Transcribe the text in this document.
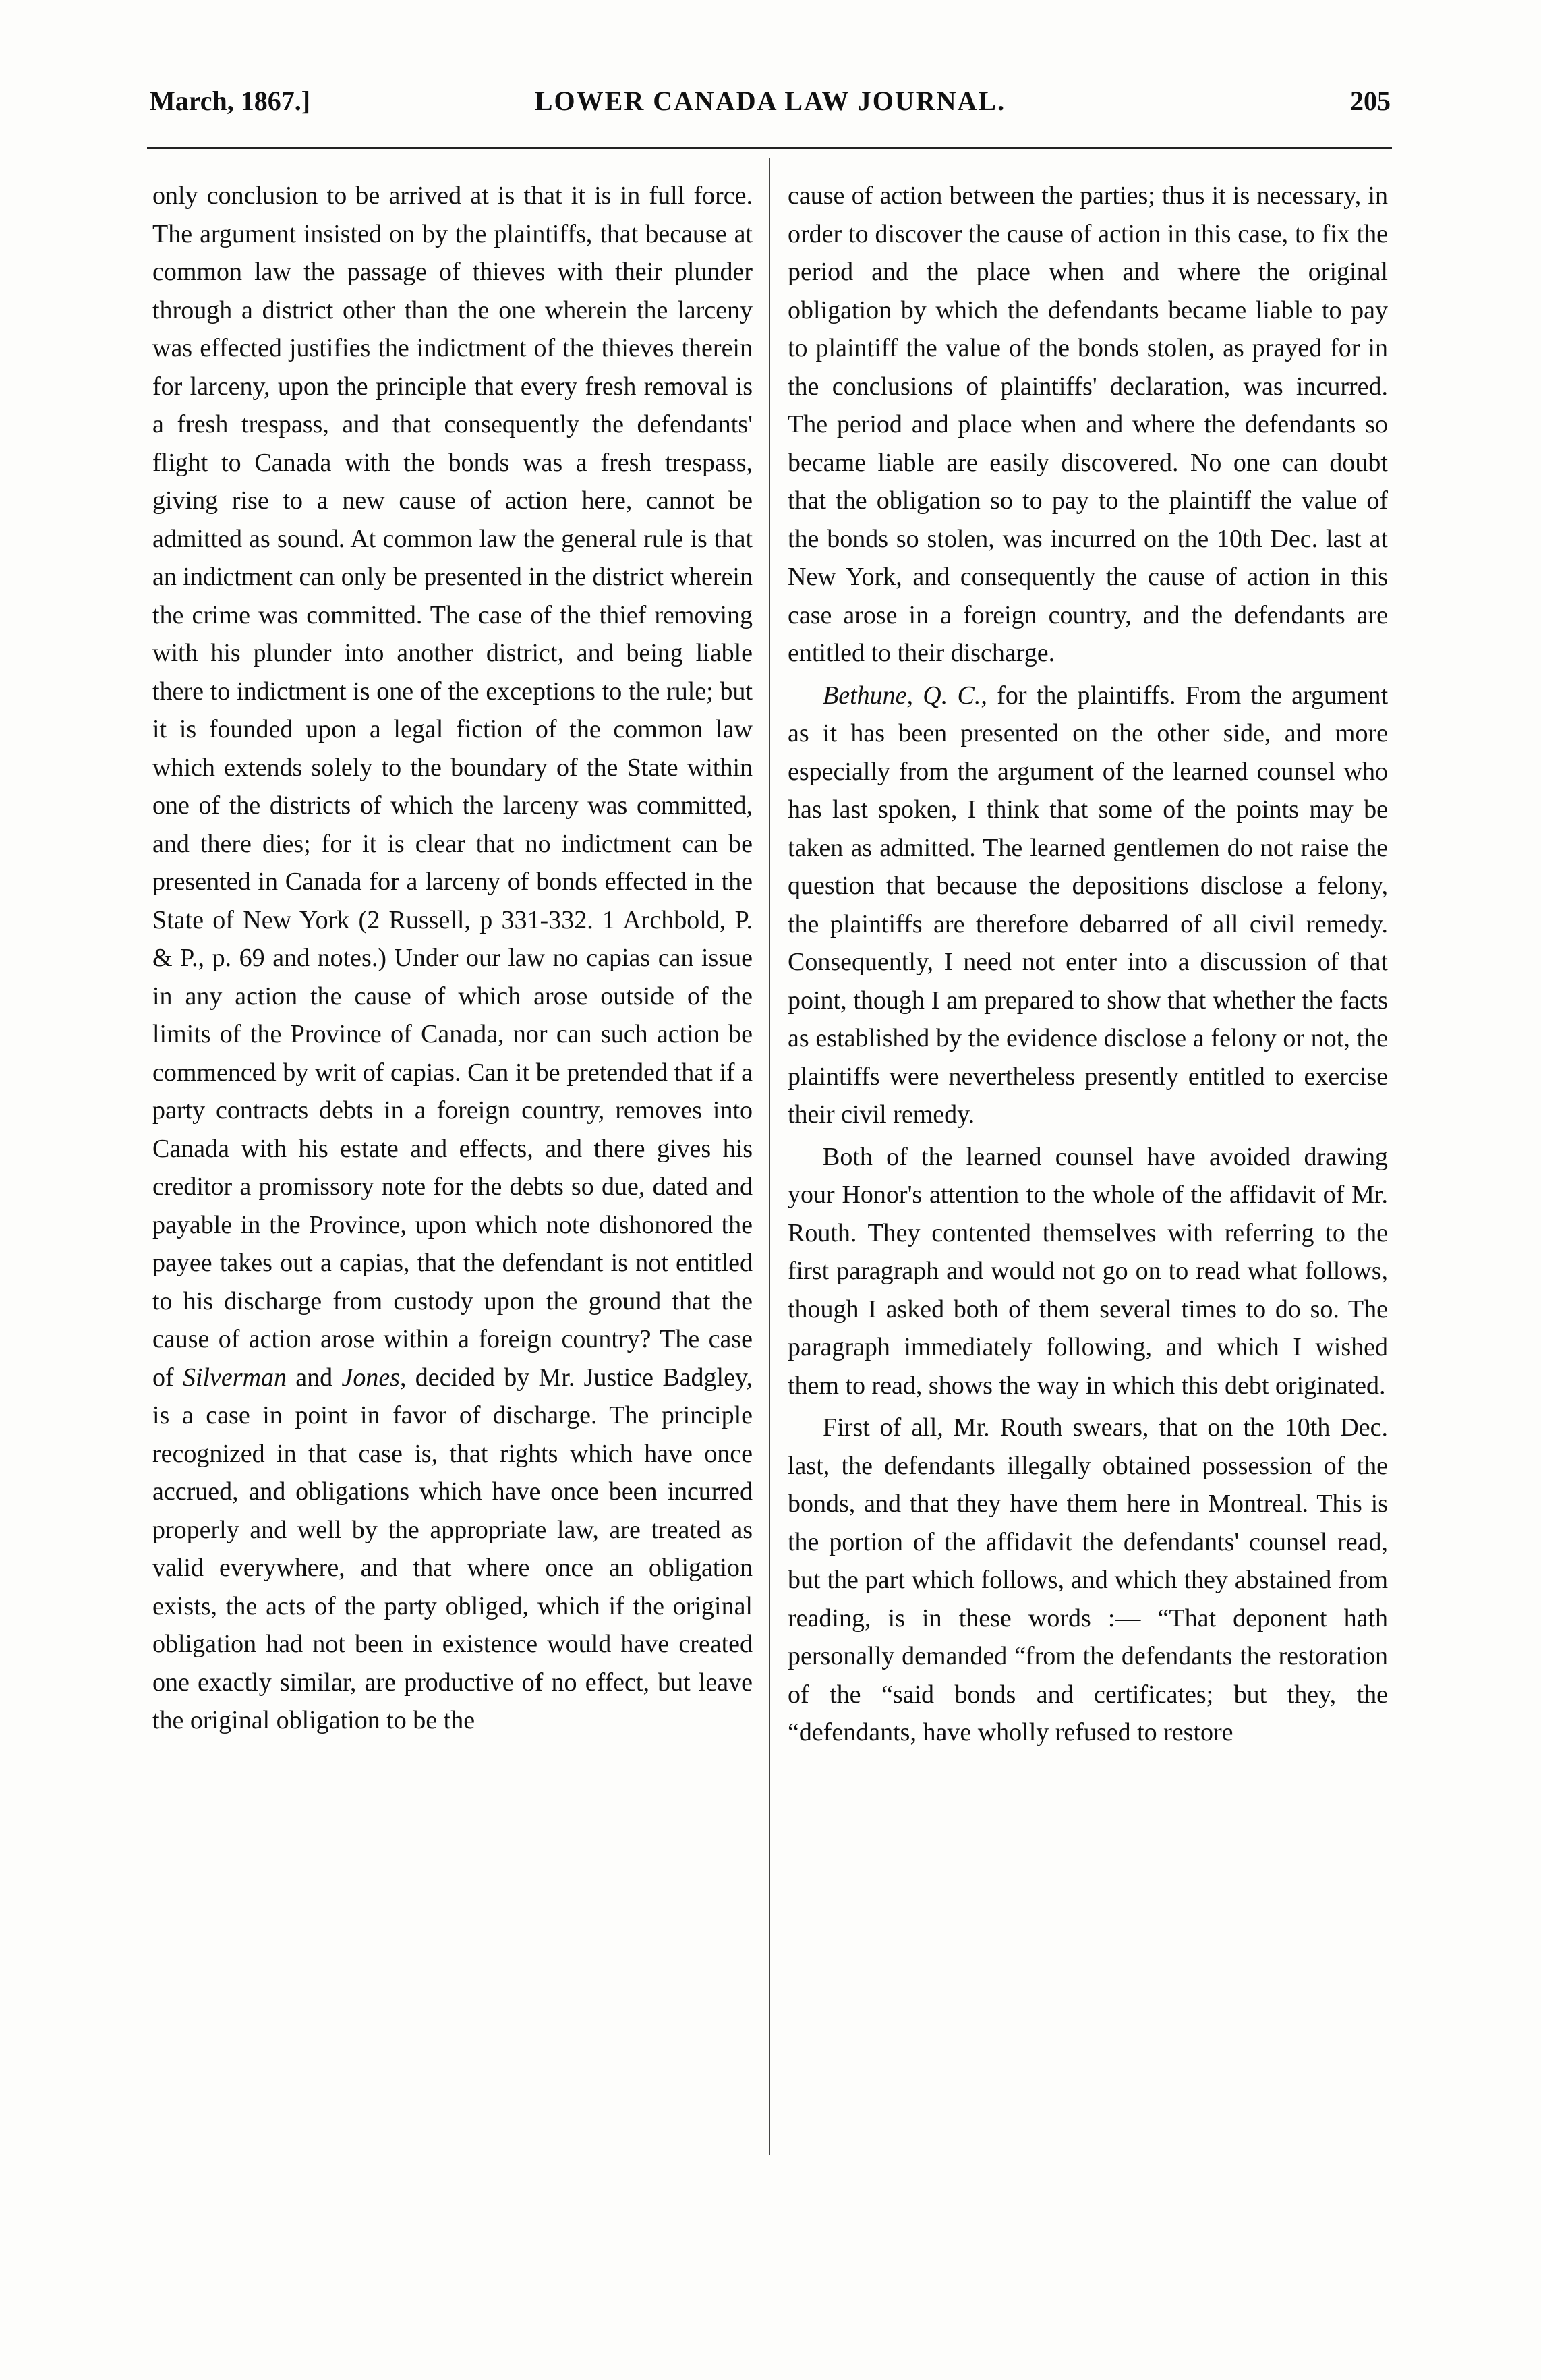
March, 1867.]	LOWER CANADA LAW JOURNAL.	205

only conclusion to be arrived at is that it is in full force. The argument insisted on by the plaintiffs, that because at common law the passage of thieves with their plunder through a district other than the one wherein the larceny was effected justifies the indictment of the thieves therein for larceny, upon the principle that every fresh removal is a fresh trespass, and that consequently the defendants' flight to Canada with the bonds was a fresh trespass, giving rise to a new cause of action here, cannot be admitted as sound. At common law the general rule is that an indictment can only be presented in the district wherein the crime was committed. The case of the thief removing with his plunder into another district, and being liable there to indictment is one of the exceptions to the rule; but it is founded upon a legal fiction of the common law which extends solely to the boundary of the State within one of the districts of which the larceny was committed, and there dies; for it is clear that no indictment can be presented in Canada for a larceny of bonds effected in the State of New York (2 Russell, p 331-332. 1 Archbold, P. & P., p. 69 and notes.) Under our law no capias can issue in any action the cause of which arose outside of the limits of the Province of Canada, nor can such action be commenced by writ of capias. Can it be pretended that if a party contracts debts in a foreign country, removes into Canada with his estate and effects, and there gives his creditor a promissory note for the debts so due, dated and payable in the Province, upon which note dishonored the payee takes out a capias, that the defendant is not entitled to his discharge from custody upon the ground that the cause of action arose within a foreign country? The case of Silverman and Jones, decided by Mr. Justice Badgley, is a case in point in favor of discharge. The principle recognized in that case is, that rights which have once accrued, and obligations which have once been incurred properly and well by the appropriate law, are treated as valid everywhere, and that where once an obligation exists, the acts of the party obliged, which if the original obligation had not been in existence would have created one exactly similar, are productive of no effect, but leave the original obligation to be the

cause of action between the parties; thus it is necessary, in order to discover the cause of action in this case, to fix the period and the place when and where the original obligation by which the defendants became liable to pay to plaintiff the value of the bonds stolen, as prayed for in the conclusions of plaintiffs' declaration, was incurred. The period and place when and where the defendants so became liable are easily discovered. No one can doubt that the obligation so to pay to the plaintiff the value of the bonds so stolen, was incurred on the 10th Dec. last at New York, and consequently the cause of action in this case arose in a foreign country, and the defendants are entitled to their discharge.

Bethune, Q. C., for the plaintiffs. From the argument as it has been presented on the other side, and more especially from the argument of the learned counsel who has last spoken, I think that some of the points may be taken as admitted. The learned gentlemen do not raise the question that because the depositions disclose a felony, the plaintiffs are therefore debarred of all civil remedy. Consequently, I need not enter into a discussion of that point, though I am prepared to show that whether the facts as established by the evidence disclose a felony or not, the plaintiffs were nevertheless presently entitled to exercise their civil remedy.

Both of the learned counsel have avoided drawing your Honor's attention to the whole of the affidavit of Mr. Routh. They contented themselves with referring to the first paragraph and would not go on to read what follows, though I asked both of them several times to do so. The paragraph immediately following, and which I wished them to read, shows the way in which this debt originated.

First of all, Mr. Routh swears, that on the 10th Dec. last, the defendants illegally obtained possession of the bonds, and that they have them here in Montreal. This is the portion of the affidavit the defendants' counsel read, but the part which follows, and which they abstained from reading, is in these words :— “That deponent hath personally demanded “from the defendants the restoration of the “said bonds and certificates; but they, the “defendants, have wholly refused to restore
